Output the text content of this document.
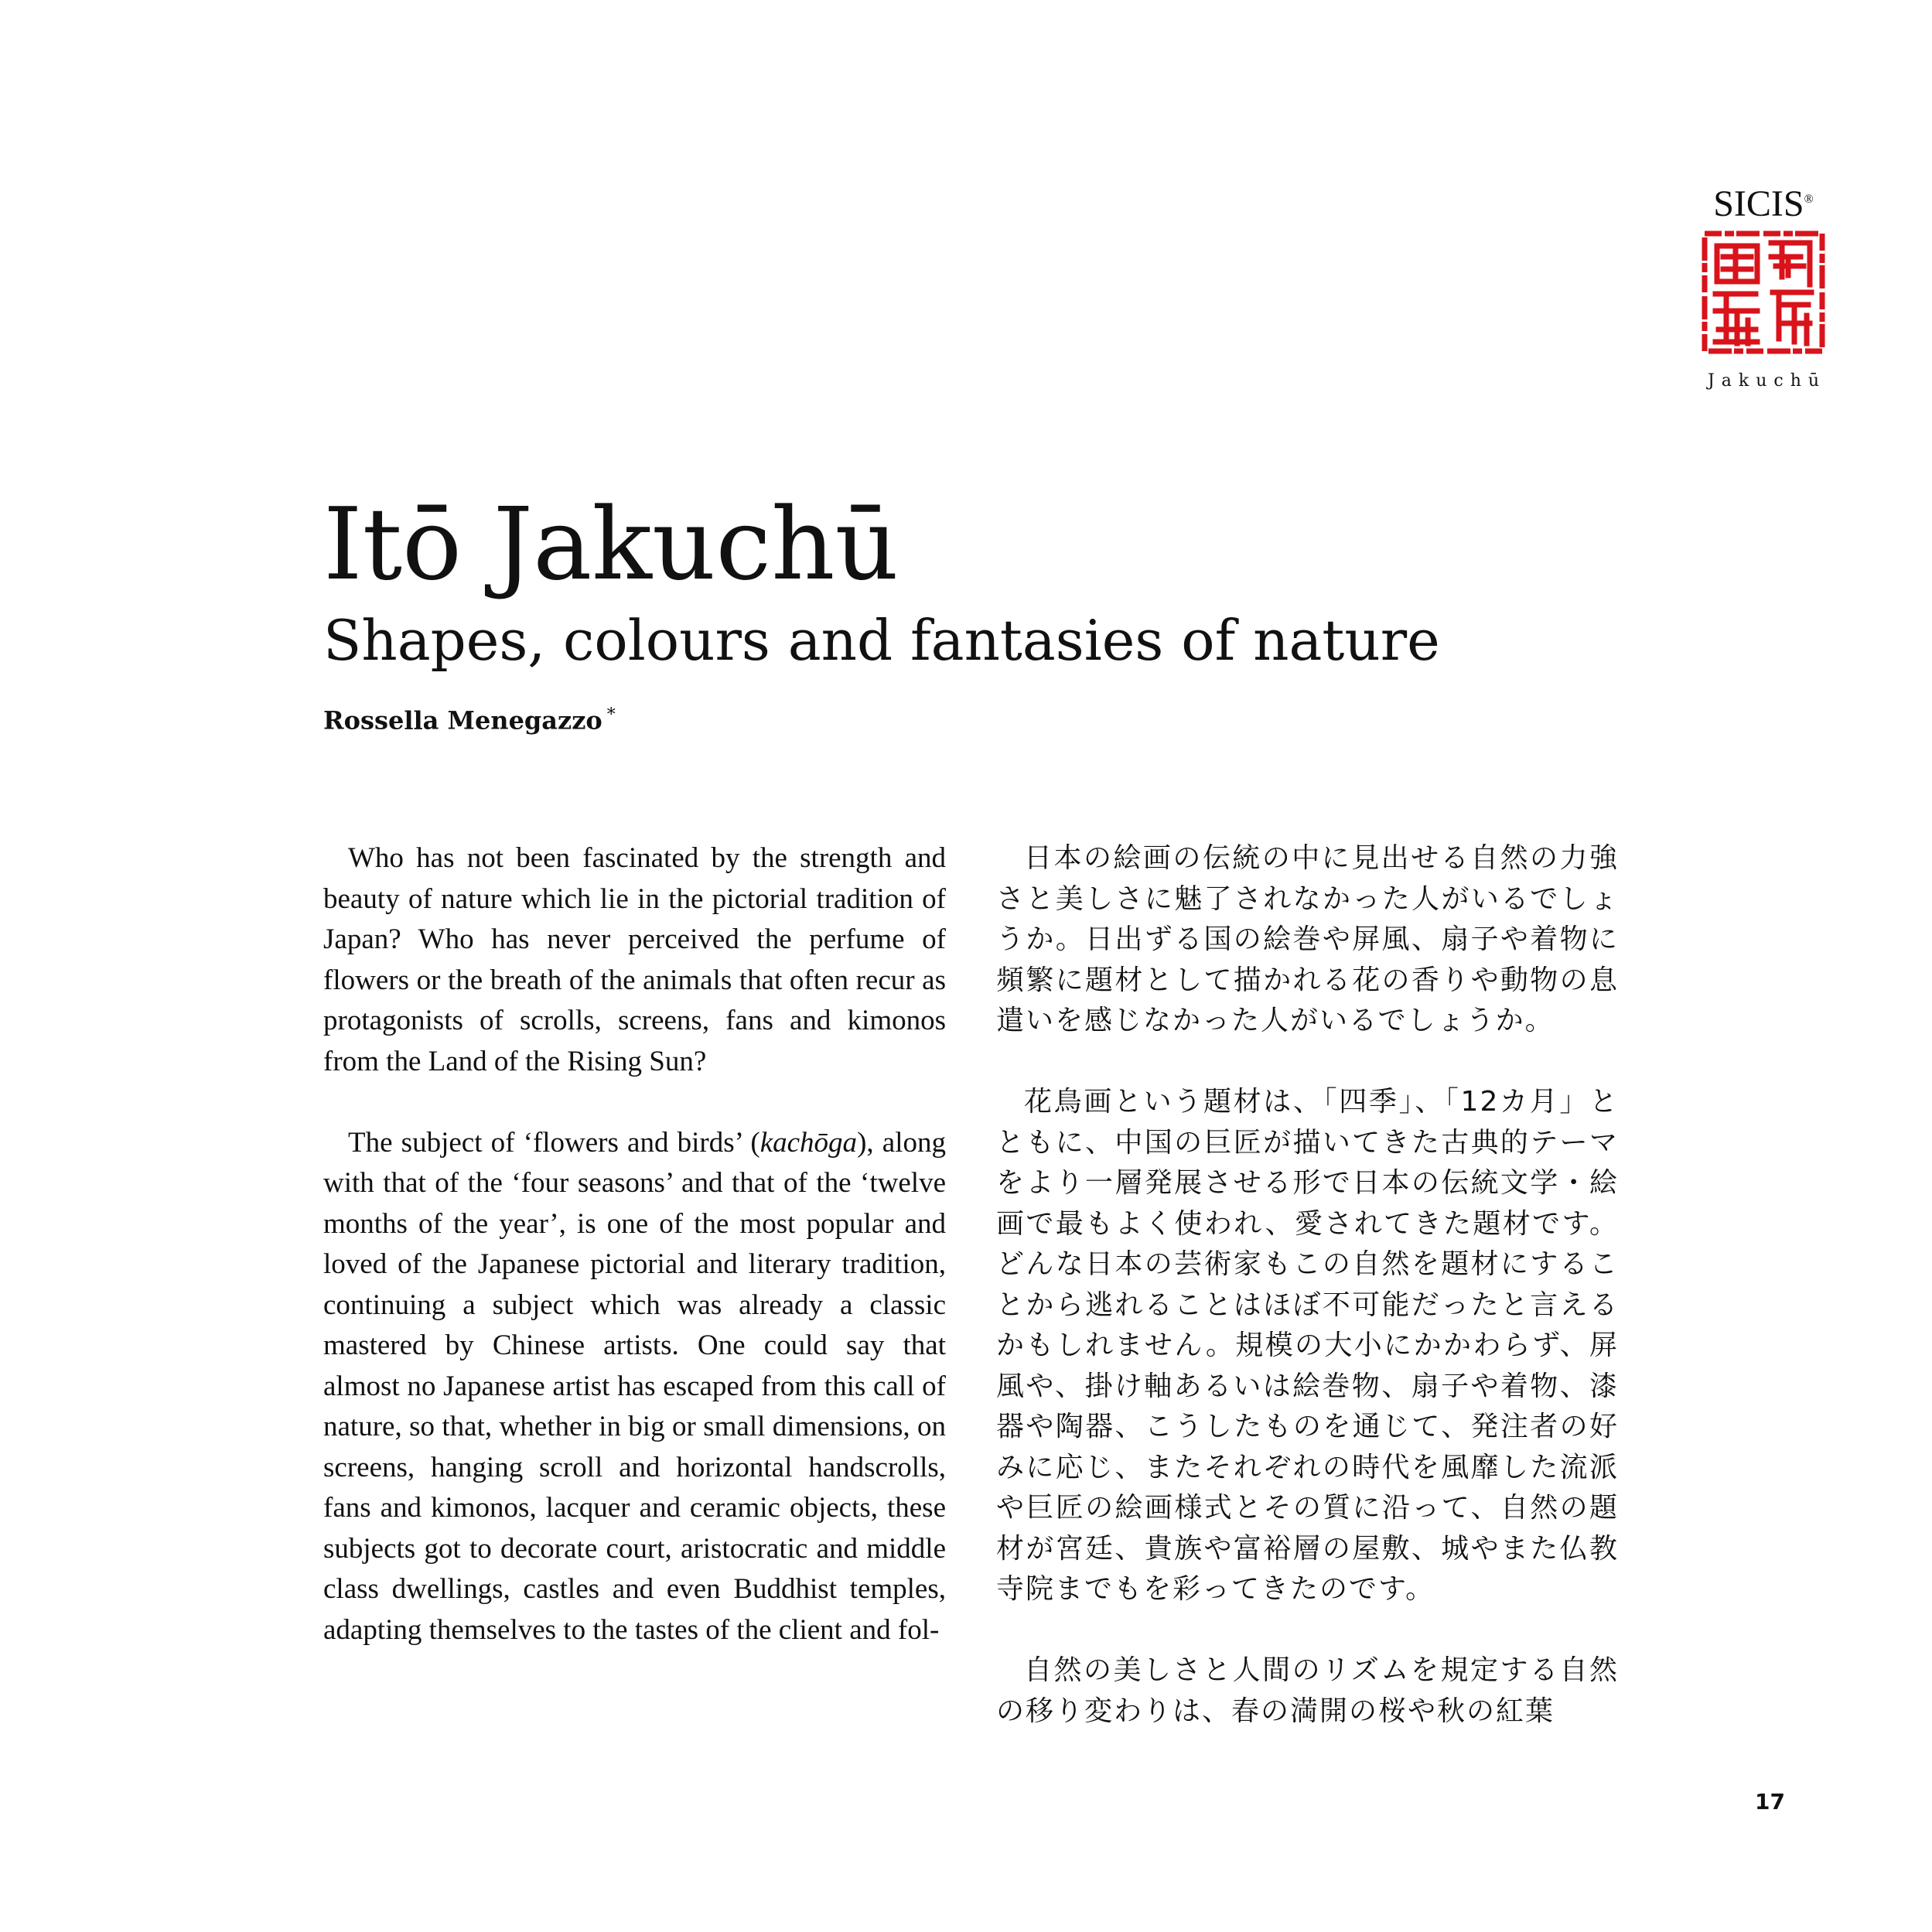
SICIS®
Jakuchū
Itō Jakuchū
Shapes, colours and fantasies of nature
Rossella Menegazzo *

Who has not been fascinated by the strength and beauty of nature which lie in the pictorial tradition of Japan? Who has never perceived the perfume of flowers or the breath of the animals that often recur as protagonists of scrolls, screens, fans and kimonos from the Land of the Rising Sun?

The subject of ‘flowers and birds’ (kachōga), along with that of the ‘four seasons’ and that of the ‘twelve months of the year’, is one of the most popular and loved of the Japanese pictorial and literary tradition, continuing a subject which was already a classic mastered by Chinese artists. One could say that almost no Japanese artist has escaped from this call of nature, so that, whether in big or small dimensions, on screens, hanging scroll and horizontal handscrolls, fans and kimonos, lacquer and ceramic objects, these subjects got to decorate court, aristocratic and middle class dwellings, castles and even Buddhist temples, adapting themselves to the tastes of the client and fol-

日本の絵画の伝統の中に見出せる自然の力強さと美しさに魅了されなかった人がいるでしょうか。日出ずる国の絵巻や屏風、扇子や着物に頻繁に題材として描かれる花の香りや動物の息遣いを感じなかった人がいるでしょうか。

花鳥画という題材は、「四季」、「12カ月」とともに、中国の巨匠が描いてきた古典的テーマをより一層発展させる形で日本の伝統文学・絵画で最もよく使われ、愛されてきた題材です。どんな日本の芸術家もこの自然を題材にすることから逃れることはほぼ不可能だったと言えるかもしれません。規模の大小にかかわらず、屏風や、掛け軸あるいは絵巻物、扇子や着物、漆器や陶器、こうしたものを通じて、発注者の好みに応じ、またそれぞれの時代を風靡した流派や巨匠の絵画様式とその質に沿って、自然の題材が宮廷、貴族や富裕層の屋敷、城やまた仏教寺院までもを彩ってきたのです。

自然の美しさと人間のリズムを規定する自然の移り変わりは、春の満開の桜や秋の紅葉

17
